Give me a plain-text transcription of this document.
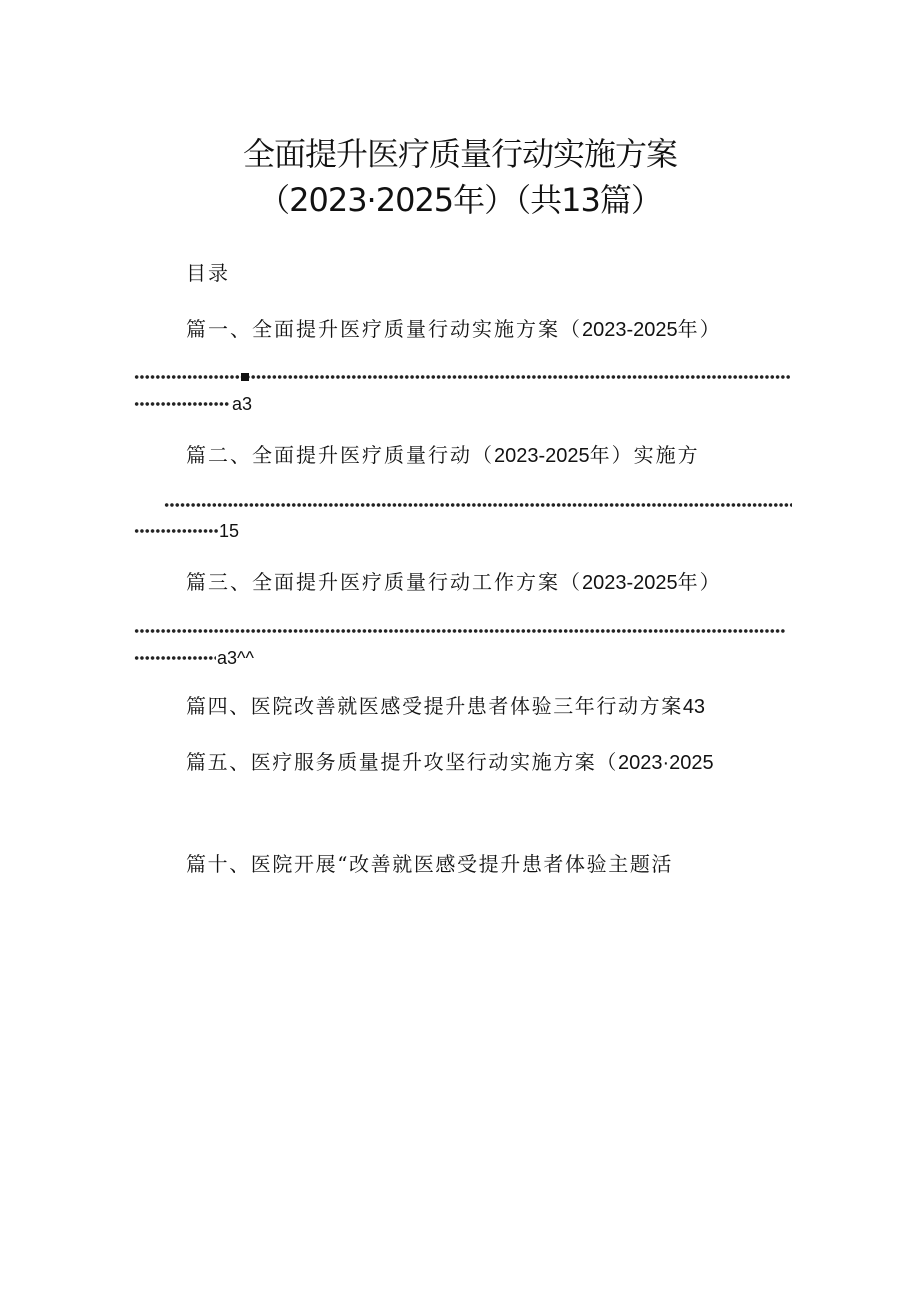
全面提升医疗质量行动实施方案
（2023·2025年）（共13篇）
目录
篇一、全面提升医疗质量行动实施方案（2023-2025年）
a3
篇二、全面提升医疗质量行动（2023-2025年）实施方
15
篇三、全面提升医疗质量行动工作方案（2023-2025年）
a3^^
篇四、医院改善就医感受提升患者体验三年行动方案43
篇五、医疗服务质量提升攻坚行动实施方案（2023·2025
篇十、医院开展“改善就医感受提升患者体验主题活
